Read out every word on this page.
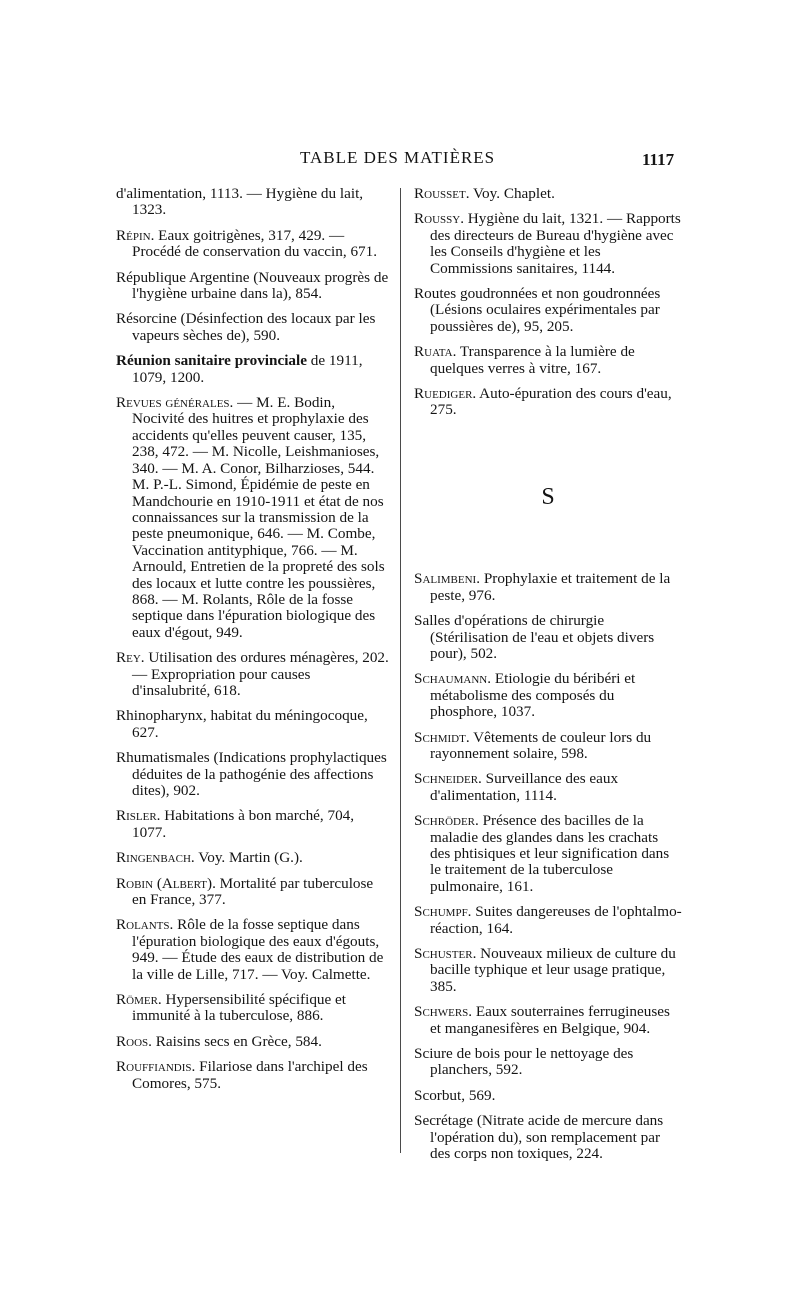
TABLE DES MATIÈRES	1117
d'alimentation, 1113. — Hygiène du lait, 1323.
Répin. Eaux goitrigènes, 317, 429. — Procédé de conservation du vaccin, 671.
République Argentine (Nouveaux progrès de l'hygiène urbaine dans la), 854.
Résorcine (Désinfection des locaux par les vapeurs sèches de), 590.
Réunion sanitaire provinciale de 1911, 1079, 1200.
Revues générales. — M. E. Bodin, Nocivité des huitres et prophylaxie des accidents qu'elles peuvent causer, 135, 238, 472. — M. Nicolle, Leishmanioses, 340. — M. A. Conor, Bilharzioses, 544. M. P.-L. Simond, Épidémie de peste en Mandchourie en 1910-1911 et état de nos connaissances sur la transmission de la peste pneumonique, 646. — M. Combe, Vaccination antityphique, 766. — M. Arnould, Entretien de la propreté des sols des locaux et lutte contre les poussières, 868. — M. Rolants, Rôle de la fosse septique dans l'épuration biologique des eaux d'égout, 949.
Rey. Utilisation des ordures ménagères, 202. — Expropriation pour causes d'insalubrité, 618.
Rhinopharynx, habitat du méningocoque, 627.
Rhumatismales (Indications prophylactiques déduites de la pathogénie des affections dites), 902.
Risler. Habitations à bon marché, 704, 1077.
Ringenbach. Voy. Martin (G.).
Robin (Albert). Mortalité par tuberculose en France, 377.
Rolants. Rôle de la fosse septique dans l'épuration biologique des eaux d'égouts, 949. — Étude des eaux de distribution de la ville de Lille, 717. — Voy. Calmette.
Römer. Hypersensibilité spécifique et immunité à la tuberculose, 886.
Roos. Raisins secs en Grèce, 584.
Rouffiandis. Filariose dans l'archipel des Comores, 575.
Rousset. Voy. Chaplet.
Roussy. Hygiène du lait, 1321. — Rapports des directeurs de Bureau d'hygiène avec les Conseils d'hygiène et les Commissions sanitaires, 1144.
Routes goudronnées et non goudronnées (Lésions oculaires expérimentales par poussières de), 95, 205.
Ruata. Transparence à la lumière de quelques verres à vitre, 167.
Ruediger. Auto-épuration des cours d'eau, 275.
S
Salimbeni. Prophylaxie et traitement de la peste, 976.
Salles d'opérations de chirurgie (Stérilisation de l'eau et objets divers pour), 502.
Schaumann. Etiologie du béribéri et métabolisme des composés du phosphore, 1037.
Schmidt. Vêtements de couleur lors du rayonnement solaire, 598.
Schneider. Surveillance des eaux d'alimentation, 1114.
Schröder. Présence des bacilles de la maladie des glandes dans les crachats des phtisiques et leur signification dans le traitement de la tuberculose pulmonaire, 161.
Schumpf. Suites dangereuses de l'ophtalmo-réaction, 164.
Schuster. Nouveaux milieux de culture du bacille typhique et leur usage pratique, 385.
Schwers. Eaux souterraines ferrugineuses et manganesifères en Belgique, 904.
Sciure de bois pour le nettoyage des planchers, 592.
Scorbut, 569.
Secrétage (Nitrate acide de mercure dans l'opération du), son remplacement par des corps non toxiques, 224.
